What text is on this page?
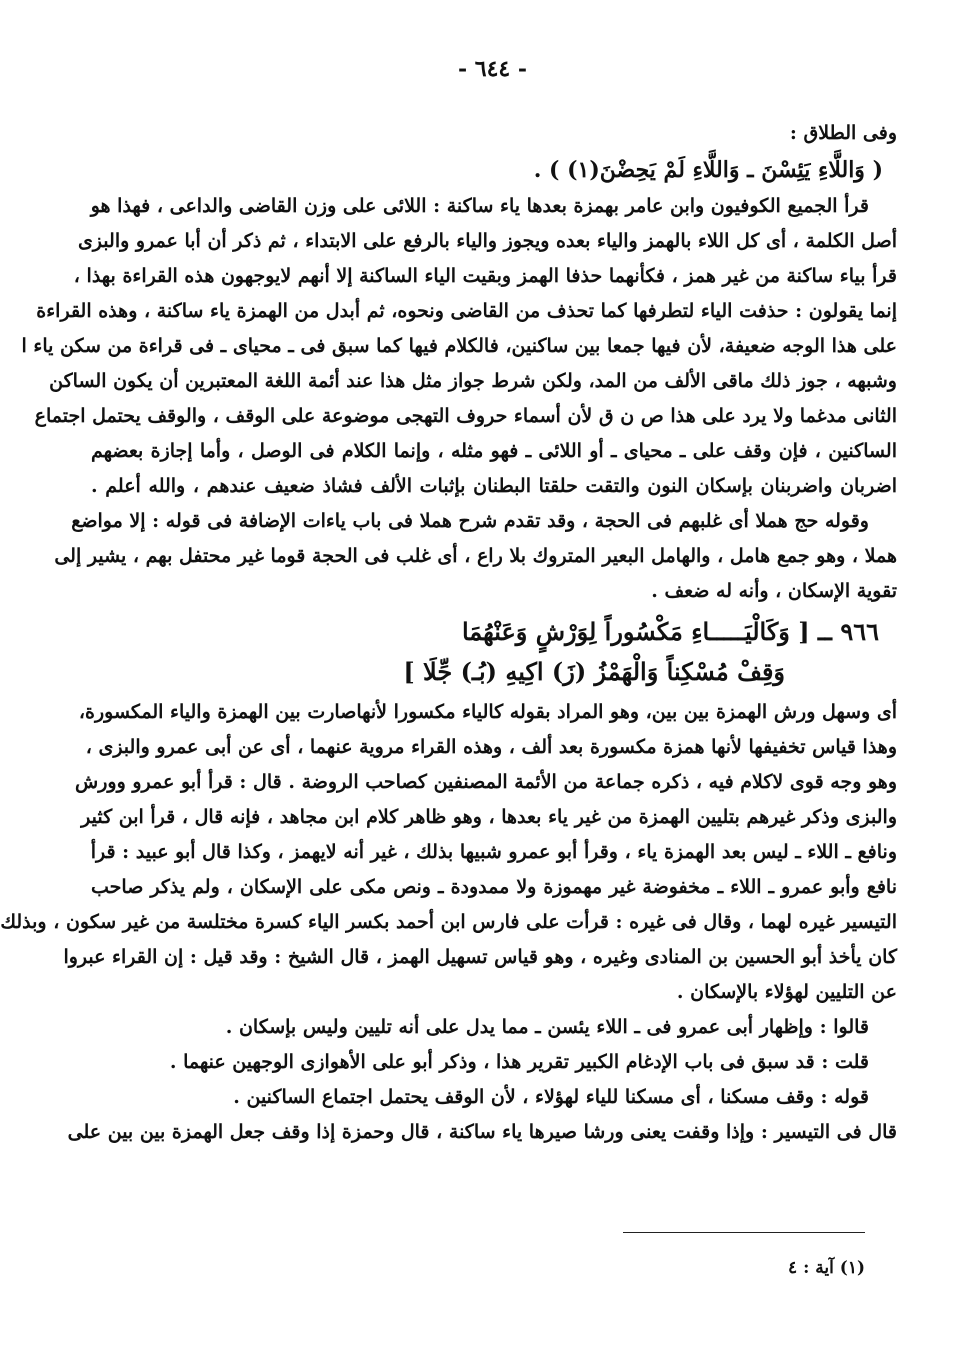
- ٦٤٤ -
وفى الطلاق :
( وَاللَّاءِ يَئِسْنَ ـ وَاللَّاءِ لَمْ يَحِضْنَ(١) ) .
قرأ الجميع الكوفيون وابن عامر بهمزة بعدها ياء ساكنة : اللائى على وزن القاضى والداعى ، فهذا هو
أصل الكلمة ، أى كل اللاء بالهمز والياء بعده ويجوز والياء بالرفع على الابتداء ، ثم ذكر أن أبا عمرو والبزى
قرأ بياء ساكنة من غير همز ، فكأنهما حذفا الهمز وبقيت الياء الساكنة إلا أنهم لايوجهون هذه القراءة بهذا ،
إنما يقولون : حذفت الياء لتطرفها كما تحذف من القاضى ونحوه، ثم أبدل من الهمزة ياء ساكنة ، وهذه القراءة
على هذا الوجه ضعيفة، لأن فيها جمعا بين ساكنين، فالكلام فيها كما سبق فى ـ محياى ـ فى قراءة من سكن ياء ا
وشبهه ، جوز ذلك ماقى الألف من المد، ولكن شرط جواز مثل هذا عند أئمة اللغة المعتبرين أن يكون الساكن
الثانى مدغما ولا يرد على هذا ص ن ق لأن أسماء حروف التهجى موضوعة على الوقف ، والوقف يحتمل اجتماع
الساكنين ، فإن وقف على ـ محياى ـ أو اللائى ـ فهو مثله ، وإنما الكلام فى الوصل ، وأما إجازة بعضهم
اضربان واضربنان بإسكان النون والتقت حلقتا البطنان بإثبات الألف فشاذ ضعيف عندهم ، والله أعلم .
وقوله حج هملا أى غلبهم فى الحجة ، وقد تقدم شرح هملا فى باب ياءات الإضافة فى قوله : إلا مواضع
هملا ، وهو جمع هامل ، والهامل البعير المتروك بلا راع ، أى غلب فى الحجة قوما غير محتفل بهم ، يشير إلى
تقوية الإسكان ، وأنه له ضعف .
٩٦٦ ــ [ وَكَالْيَـــــاءِ مَكْسُوراً لِوَرْشٍ وَعَنْهُمَا
وَقِفْ مُسْكِناً وَالْهَمْزُ (زَ) اكِيهِ (بُـ) جِّلَا ]
أى وسهل ورش الهمزة بين بين، وهو المراد بقوله كالياء مكسورا لأنهاصارت بين الهمزة والياء المكسورة،
وهذا قياس تخفيفها لأنها همزة مكسورة بعد ألف ، وهذه القراء مروية عنهما ، أى عن أبى عمرو والبزى ،
وهو وجه قوى لاكلام فيه ، ذكره جماعة من الأئمة المصنفين كصاحب الروضة . قال : قرأ أبو عمرو وورش
والبزى وذكر غيرهم بتليين الهمزة من غير ياء بعدها ، وهو ظاهر كلام ابن مجاهد ، فإنه قال ، قرأ ابن كثير
ونافع ـ اللاء ـ ليس بعد الهمزة ياء ، وقرأ أبو عمرو شبيها بذلك ، غير أنه لايهمز ، وكذا قال أبو عبيد : قرأ
نافع وأبو عمرو ـ اللاء ـ مخفوضة غير مهموزة ولا ممدودة ـ ونص مكى على الإسكان ، ولم يذكر صاحب
التيسير غيره لهما ، وقال فى غيره : قرأت على فارس ابن أحمد بكسر الياء كسرة مختلسة من غير سكون ، وبذلك
كان يأخذ أبو الحسين بن المنادى وغيره ، وهو قياس تسهيل الهمز ، قال الشيخ : وقد قيل : إن القراء عبروا
عن التليين لهؤلاء بالإسكان .
قالوا : وإظهار أبى عمرو فى ـ اللاء يئسن ـ مما يدل على أنه تليين وليس بإسكان .
قلت : قد سبق فى باب الإدغام الكبير تقرير هذا ، وذكر أبو على الأهوازى الوجهين عنهما .
قوله : وقف مسكنا ، أى مسكنا للياء لهؤلاء ، لأن الوقف يحتمل اجتماع الساكنين .
قال فى التيسير : وإذا وقفت يعنى ورشا صيرها ياء ساكنة ، قال وحمزة إذا وقف جعل الهمزة بين بين على
(١) آية : ٤
